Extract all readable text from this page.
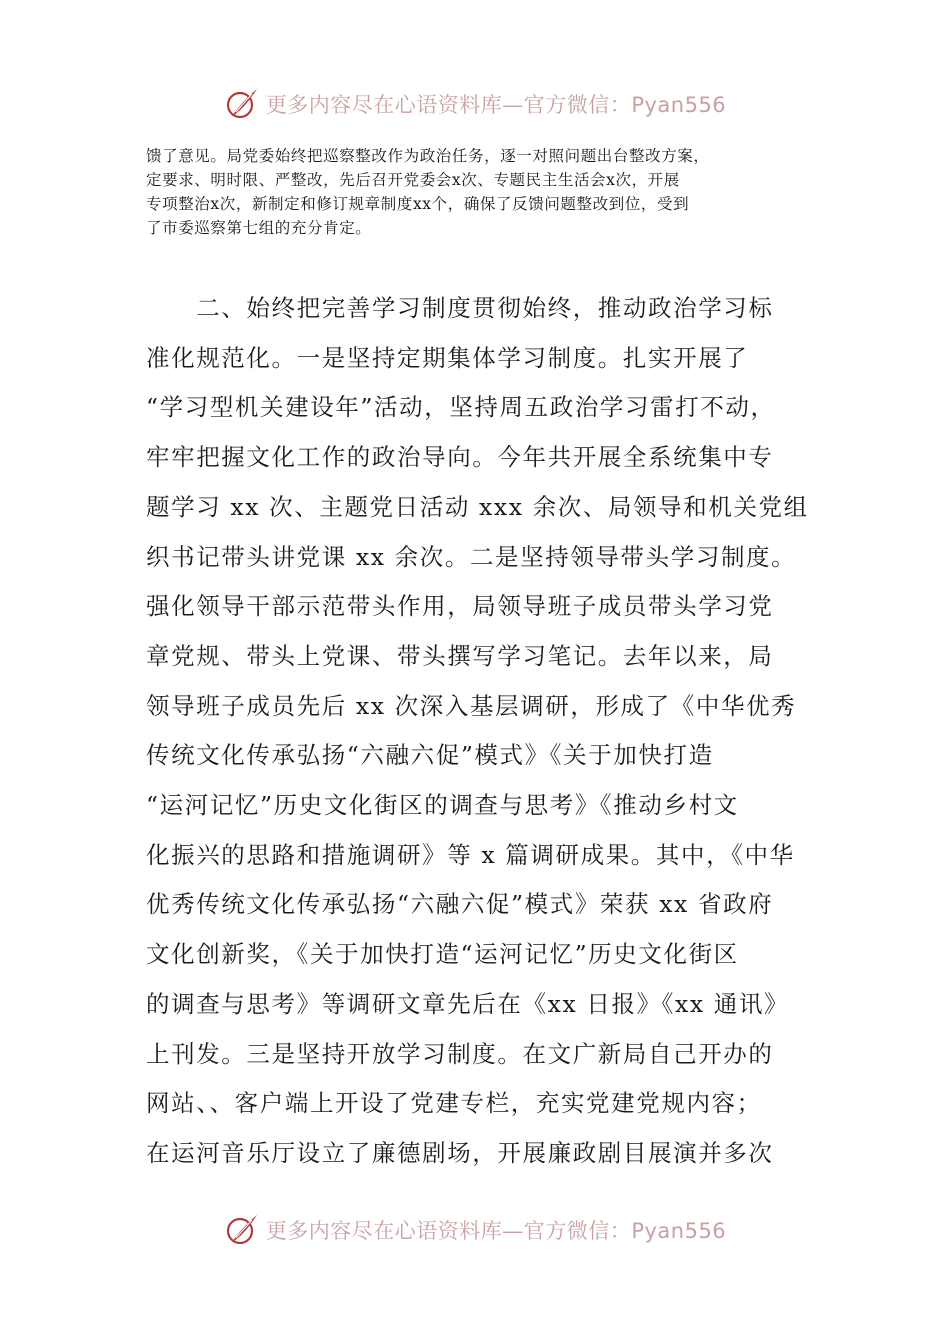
更多内容尽在心语资料库—官方微信：Pyan556

馈了意见。局党委始终把巡察整改作为政治任务，逐一对照问题出台整改方案，
定要求、明时限、严整改，先后召开党委会x次、专题民主生活会x次，开展
专项整治x次，新制定和修订规章制度xx个，确保了反馈问题整改到位，受到
了市委巡察第七组的充分肯定。

　　二、始终把完善学习制度贯彻始终，推动政治学习标
准化规范化。一是坚持定期集体学习制度。扎实开展了
“学习型机关建设年”活动，坚持周五政治学习雷打不动，
牢牢把握文化工作的政治导向。今年共开展全系统集中专
题学习 xx 次、主题党日活动 xxx 余次、局领导和机关党组
织书记带头讲党课 xx 余次。二是坚持领导带头学习制度。
强化领导干部示范带头作用，局领导班子成员带头学习党
章党规、带头上党课、带头撰写学习笔记。去年以来，局
领导班子成员先后 xx 次深入基层调研，形成了《中华优秀
传统文化传承弘扬“六融六促”模式》《关于加快打造
“运河记忆”历史文化街区的调查与思考》《推动乡村文
化振兴的思路和措施调研》等 x 篇调研成果。其中，《中华
优秀传统文化传承弘扬“六融六促”模式》荣获 xx 省政府
文化创新奖，《关于加快打造“运河记忆”历史文化街区
的调查与思考》等调研文章先后在《xx 日报》《xx 通讯》
上刊发。三是坚持开放学习制度。在文广新局自己开办的
网站、、客户端上开设了党建专栏，充实党建党规内容；
在运河音乐厅设立了廉德剧场，开展廉政剧目展演并多次

更多内容尽在心语资料库—官方微信：Pyan556
